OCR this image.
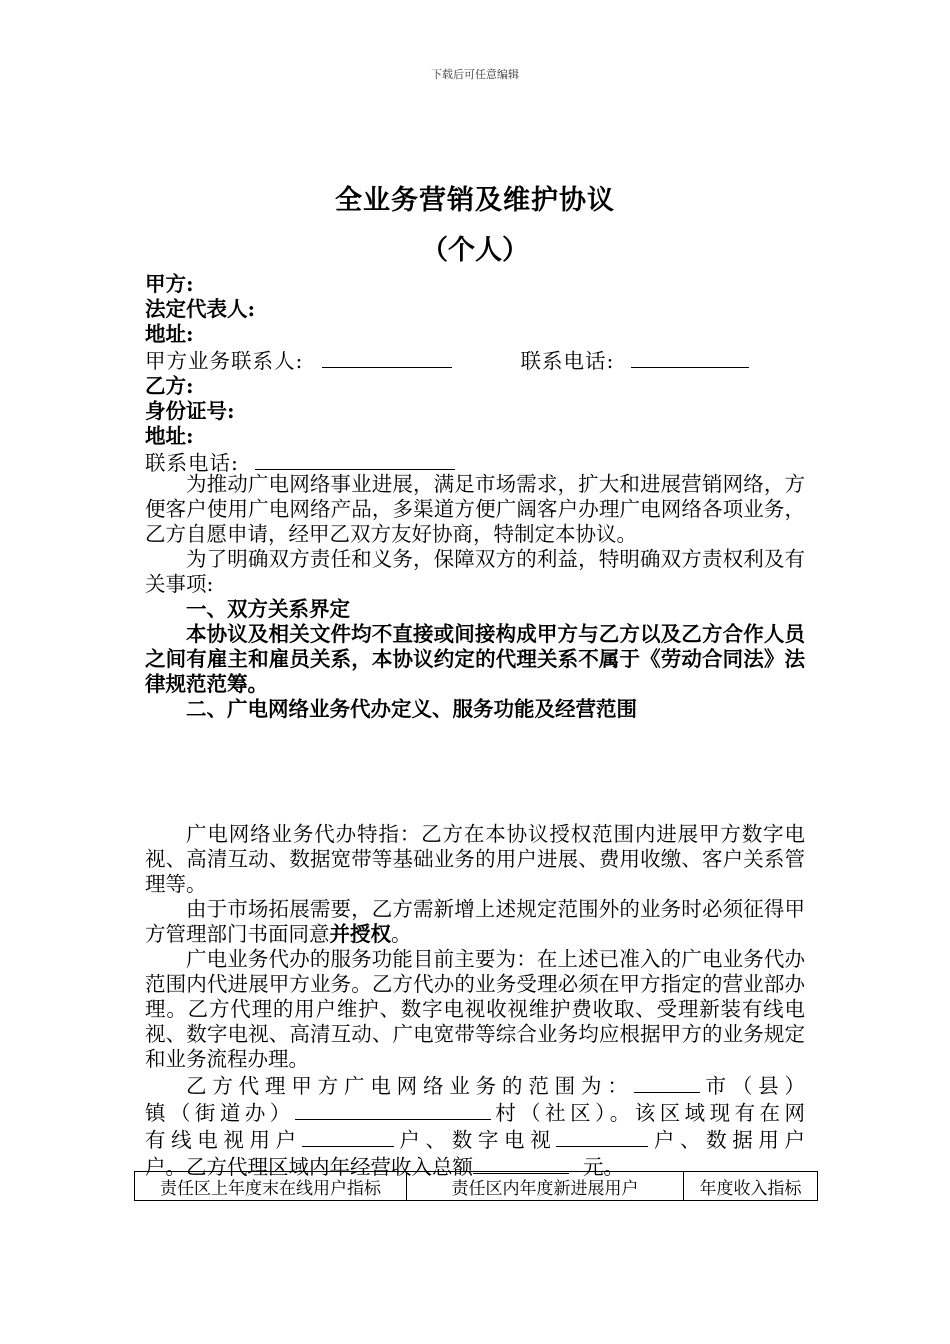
下载后可任意编辑
全业务营销及维护协议
（个人）
甲方:
法定代表人:
地址:
甲方业务联系人:	联系电话:
乙方:
身份证号:
地址:
联系电话:
为推动广电网络事业进展，满足市场需求，扩大和进展营销网络，方便客户使用广电网络产品，多渠道方便广阔客户办理广电网络各项业务，乙方自愿申请，经甲乙双方友好协商，特制定本协议。
为了明确双方责任和义务，保障双方的利益，特明确双方责权利及有关事项:
一、双方关系界定
本协议及相关文件均不直接或间接构成甲方与乙方以及乙方合作人员之间有雇主和雇员关系，本协议约定的代理关系不属于《劳动合同法》法律规范范筹。
二、广电网络业务代办定义、服务功能及经营范围
广电网络业务代办特指：乙方在本协议授权范围内进展甲方数字电视、高清互动、数据宽带等基础业务的用户进展、费用收缴、客户关系管理等。
由于市场拓展需要，乙方需新增上述规定范围外的业务时必须征得甲方管理部门书面同意并授权。
广电业务代办的服务功能目前主要为：在上述已准入的广电业务代办范围内代进展甲方业务。乙方代办的业务受理必须在甲方指定的营业部办理。乙方代理的用户维护、数字电视收视维护费收取、受理新装有线电视、数字电视、高清互动、广电宽带等综合业务均应根据甲方的业务规定和业务流程办理。
乙方代理甲方广电网络业务的范围为：	市（县）
镇（街道办）	村（社区）。该区域现有在网
有线电视用户	户、数字电视	户、数据用户
户。乙方代理区域内年经营收入总额	元。
责任区上年度末在线用户指标	责任区内年度新进展用户	年度收入指标
